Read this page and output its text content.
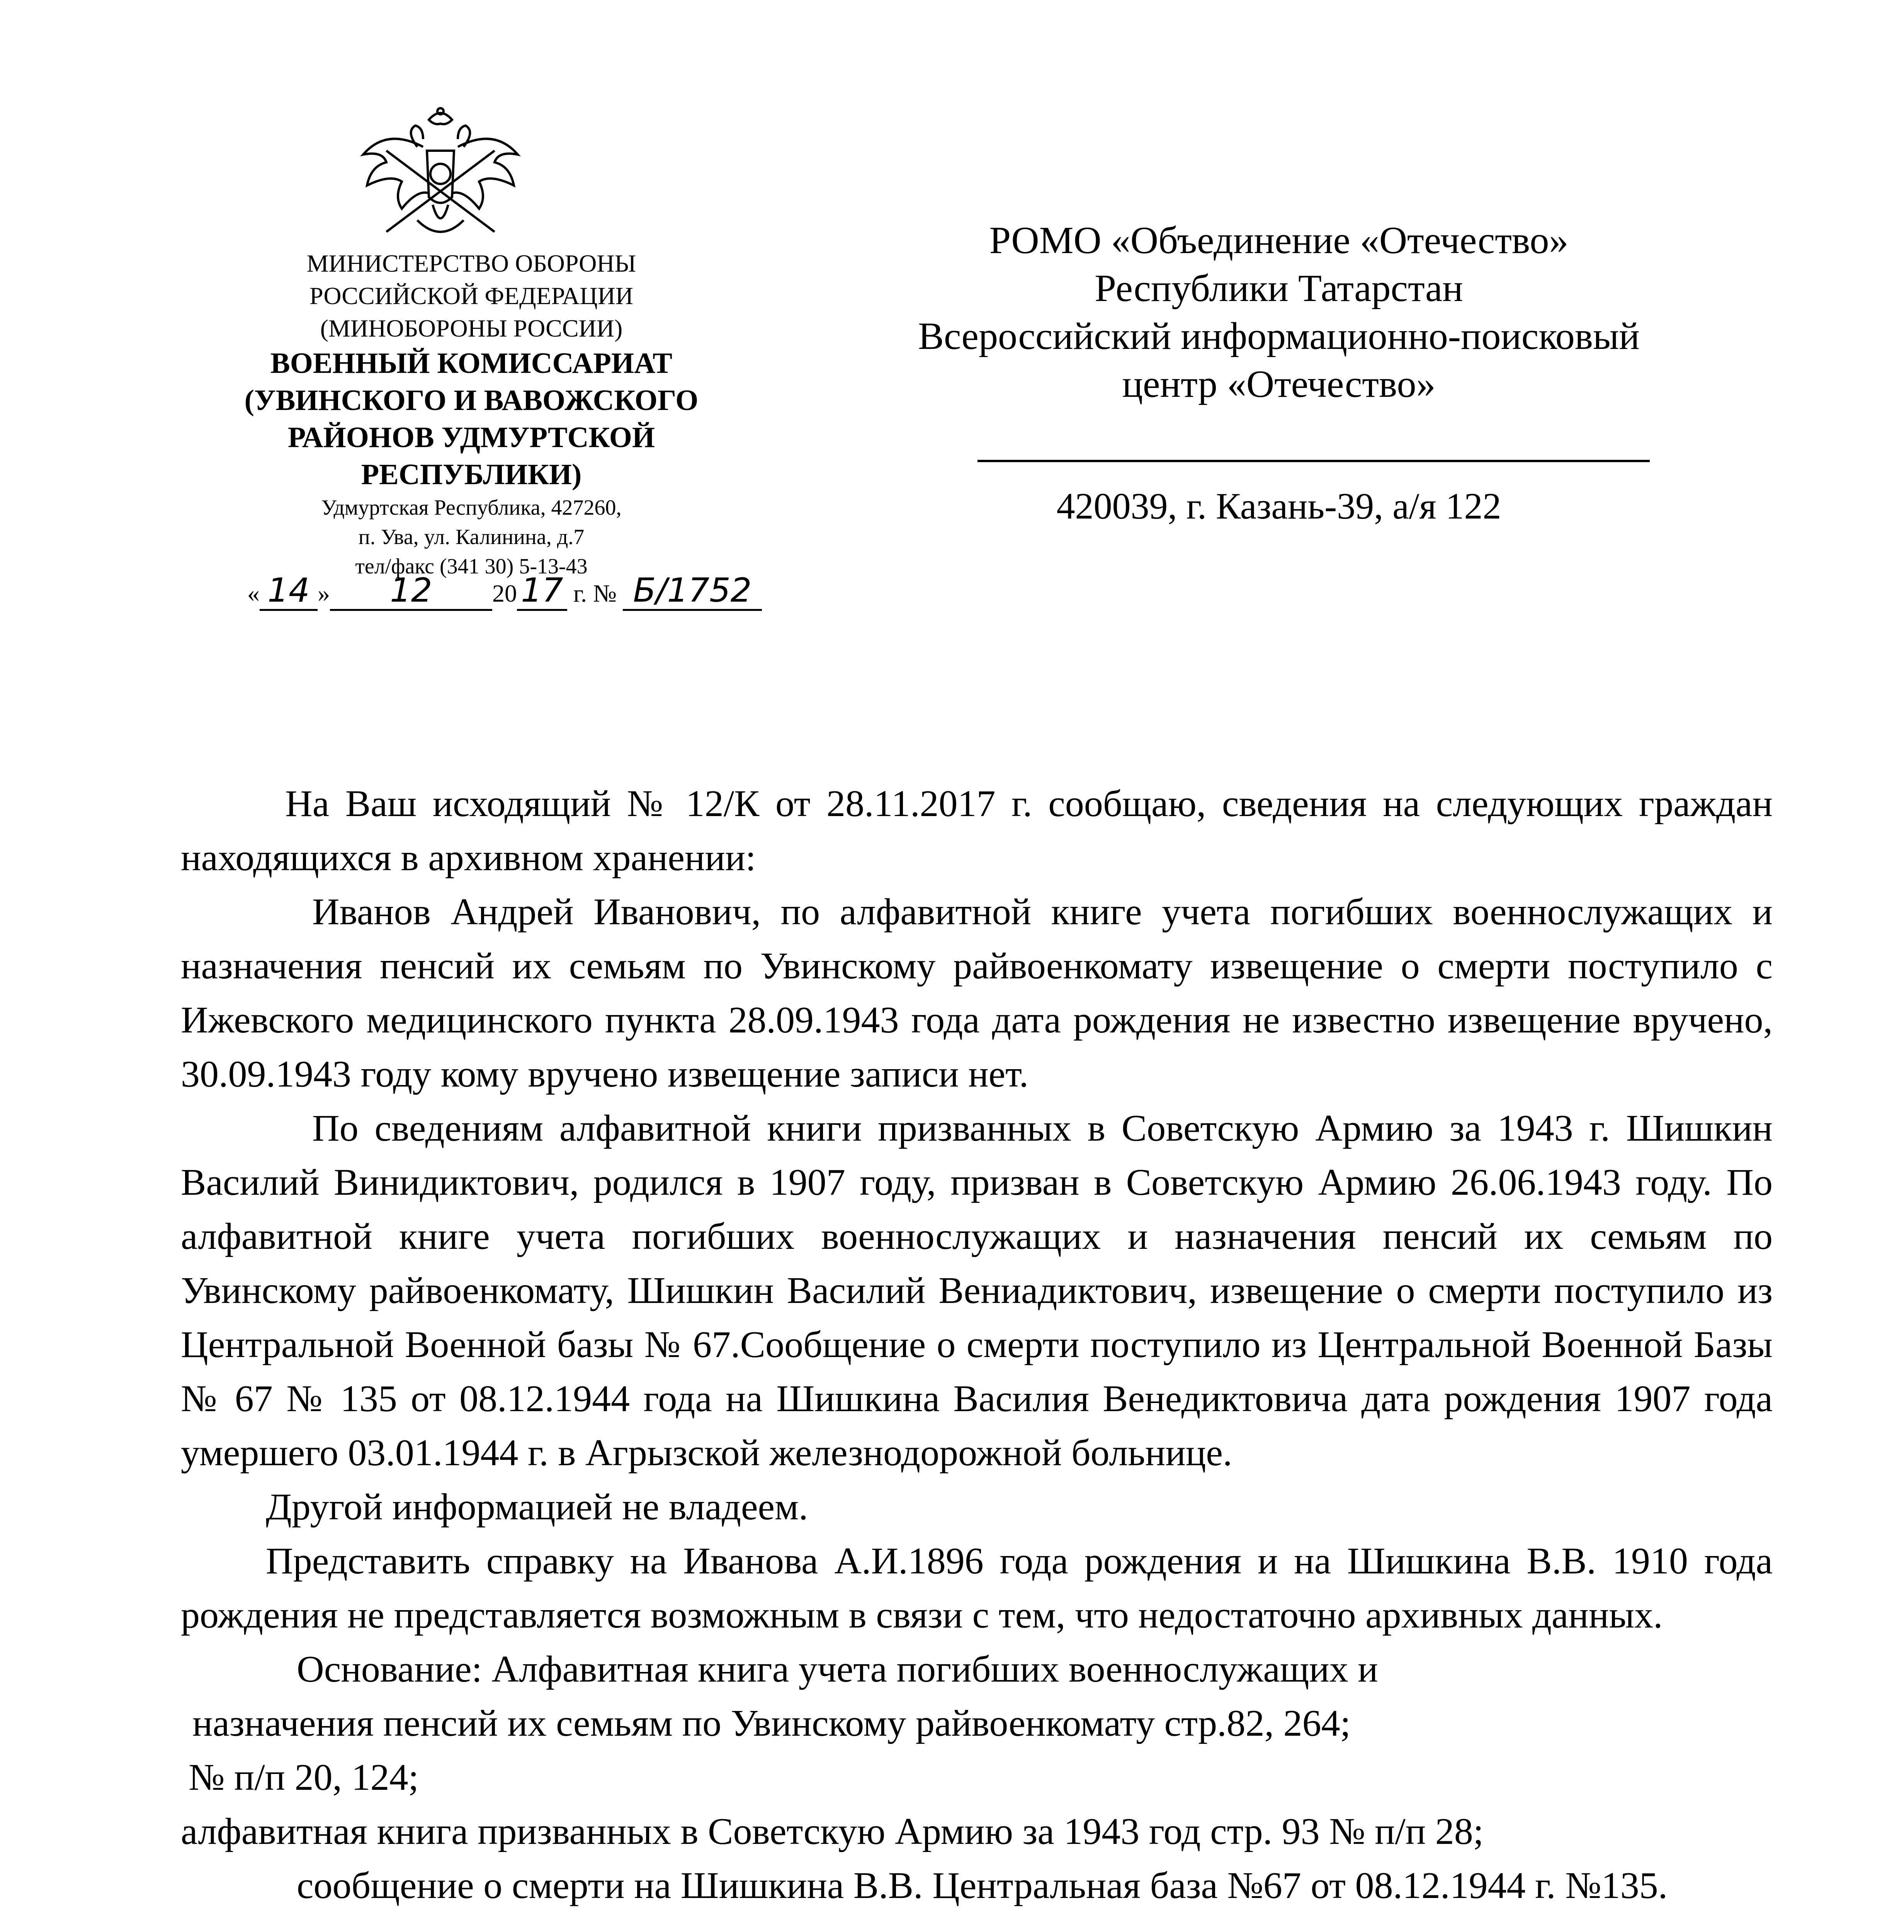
МИНИСТЕРСТВО ОБОРОНЫ
РОССИЙСКОЙ ФЕДЕРАЦИИ
(МИНОБОРОНЫ РОССИИ)
ВОЕННЫЙ КОМИССАРИАТ
(УВИНСКОГО И ВАВОЖСКОГО
РАЙОНОВ УДМУРТСКОЙ
РЕСПУБЛИКИ)
Удмуртская Республика, 427260,
п. Ува, ул. Калинина, д.7
тел/факс (341 30) 5-13-43
« 14 » 12 20 17 г. № Б/1752
РОМО «Объединение «Отечество»
Республики Татарстан
Всероссийский информационно-поисковый
центр «Отечество»
420039, г. Казань-39, а/я 122

На Ваш исходящий № 12/К от 28.11.2017 г. сообщаю, сведения на следующих граждан находящихся в архивном хранении:

Иванов Андрей Иванович, по алфавитной книге учета погибших военнослужащих и назначения пенсий их семьям по Увинскому райвоенкомату извещение о смерти поступило с Ижевского медицинского пункта 28.09.1943 года дата рождения не известно извещение вручено, 30.09.1943 году кому вручено извещение записи нет.

По сведениям алфавитной книги призванных в Советскую Армию за 1943 г. Шишкин Василий Винидиктович, родился в 1907 году, призван в Советскую Армию 26.06.1943 году. По алфавитной книге учета погибших военнослужащих и назначения пенсий их семьям по Увинскому райвоенкомату, Шишкин Василий Вениадиктович, извещение о смерти поступило из Центральной Военной базы № 67.Сообщение о смерти поступило из Центральной Военной Базы № 67 № 135 от 08.12.1944 года на Шишкина Василия Венедиктовича дата рождения 1907 года умершего 03.01.1944 г. в Агрызской железнодорожной больнице.

Другой информацией не владеем.

Представить справку на Иванова А.И.1896 года рождения и на Шишкина В.В. 1910 года рождения не представляется возможным в связи с тем, что недостаточно архивных данных.

Основание: Алфавитная книга учета погибших военнослужащих и

назначения пенсий их семьям по Увинскому райвоенкомату стр.82, 264;

№ п/п 20, 124;

алфавитная книга призванных в Советскую Армию за 1943 год стр. 93 № п/п 28;

сообщение о смерти на Шишкина В.В. Центральная база №67 от 08.12.1944 г. №135.
